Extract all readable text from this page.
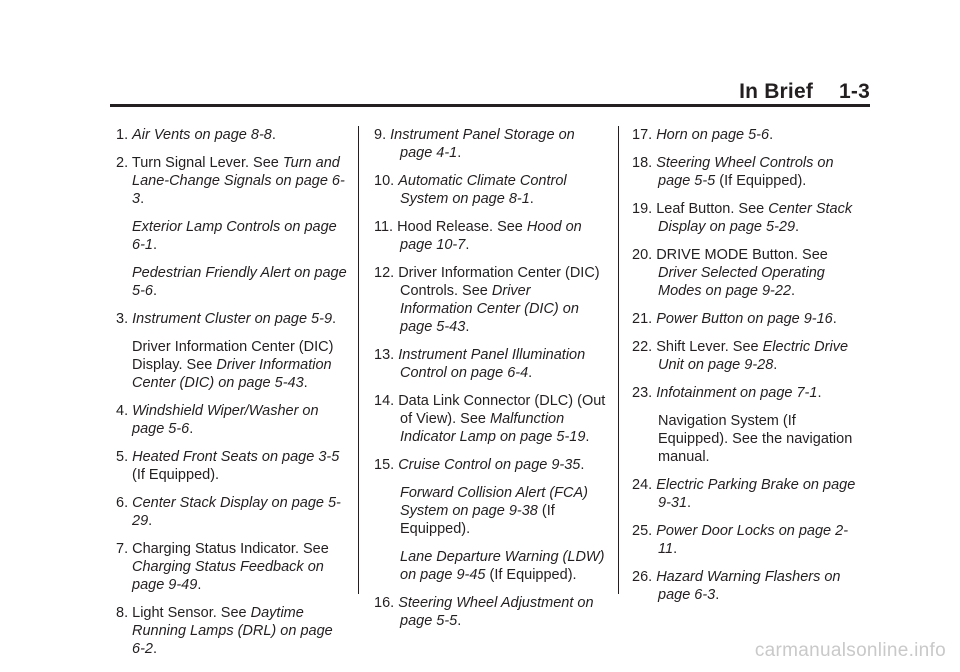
In Brief 1-3
1. Air Vents on page 8-8.
2. Turn Signal Lever. See Turn and Lane-Change Signals on page 6-3.
Exterior Lamp Controls on page 6-1.
Pedestrian Friendly Alert on page 5-6.
3. Instrument Cluster on page 5-9.
Driver Information Center (DIC) Display. See Driver Information Center (DIC) on page 5-43.
4. Windshield Wiper/Washer on page 5-6.
5. Heated Front Seats on page 3-5 (If Equipped).
6. Center Stack Display on page 5-29.
7. Charging Status Indicator. See Charging Status Feedback on page 9-49.
8. Light Sensor. See Daytime Running Lamps (DRL) on page 6-2.
9. Instrument Panel Storage on page 4-1.
10. Automatic Climate Control System on page 8-1.
11. Hood Release. See Hood on page 10-7.
12. Driver Information Center (DIC) Controls. See Driver Information Center (DIC) on page 5-43.
13. Instrument Panel Illumination Control on page 6-4.
14. Data Link Connector (DLC) (Out of View). See Malfunction Indicator Lamp on page 5-19.
15. Cruise Control on page 9-35.
Forward Collision Alert (FCA) System on page 9-38 (If Equipped).
Lane Departure Warning (LDW) on page 9-45 (If Equipped).
16. Steering Wheel Adjustment on page 5-5.
17. Horn on page 5-6.
18. Steering Wheel Controls on page 5-5 (If Equipped).
19. Leaf Button. See Center Stack Display on page 5-29.
20. DRIVE MODE Button. See Driver Selected Operating Modes on page 9-22.
21. Power Button on page 9-16.
22. Shift Lever. See Electric Drive Unit on page 9-28.
23. Infotainment on page 7-1.
Navigation System (If Equipped). See the navigation manual.
24. Electric Parking Brake on page 9-31.
25. Power Door Locks on page 2-11.
26. Hazard Warning Flashers on page 6-3.
carmanualsonline.info
